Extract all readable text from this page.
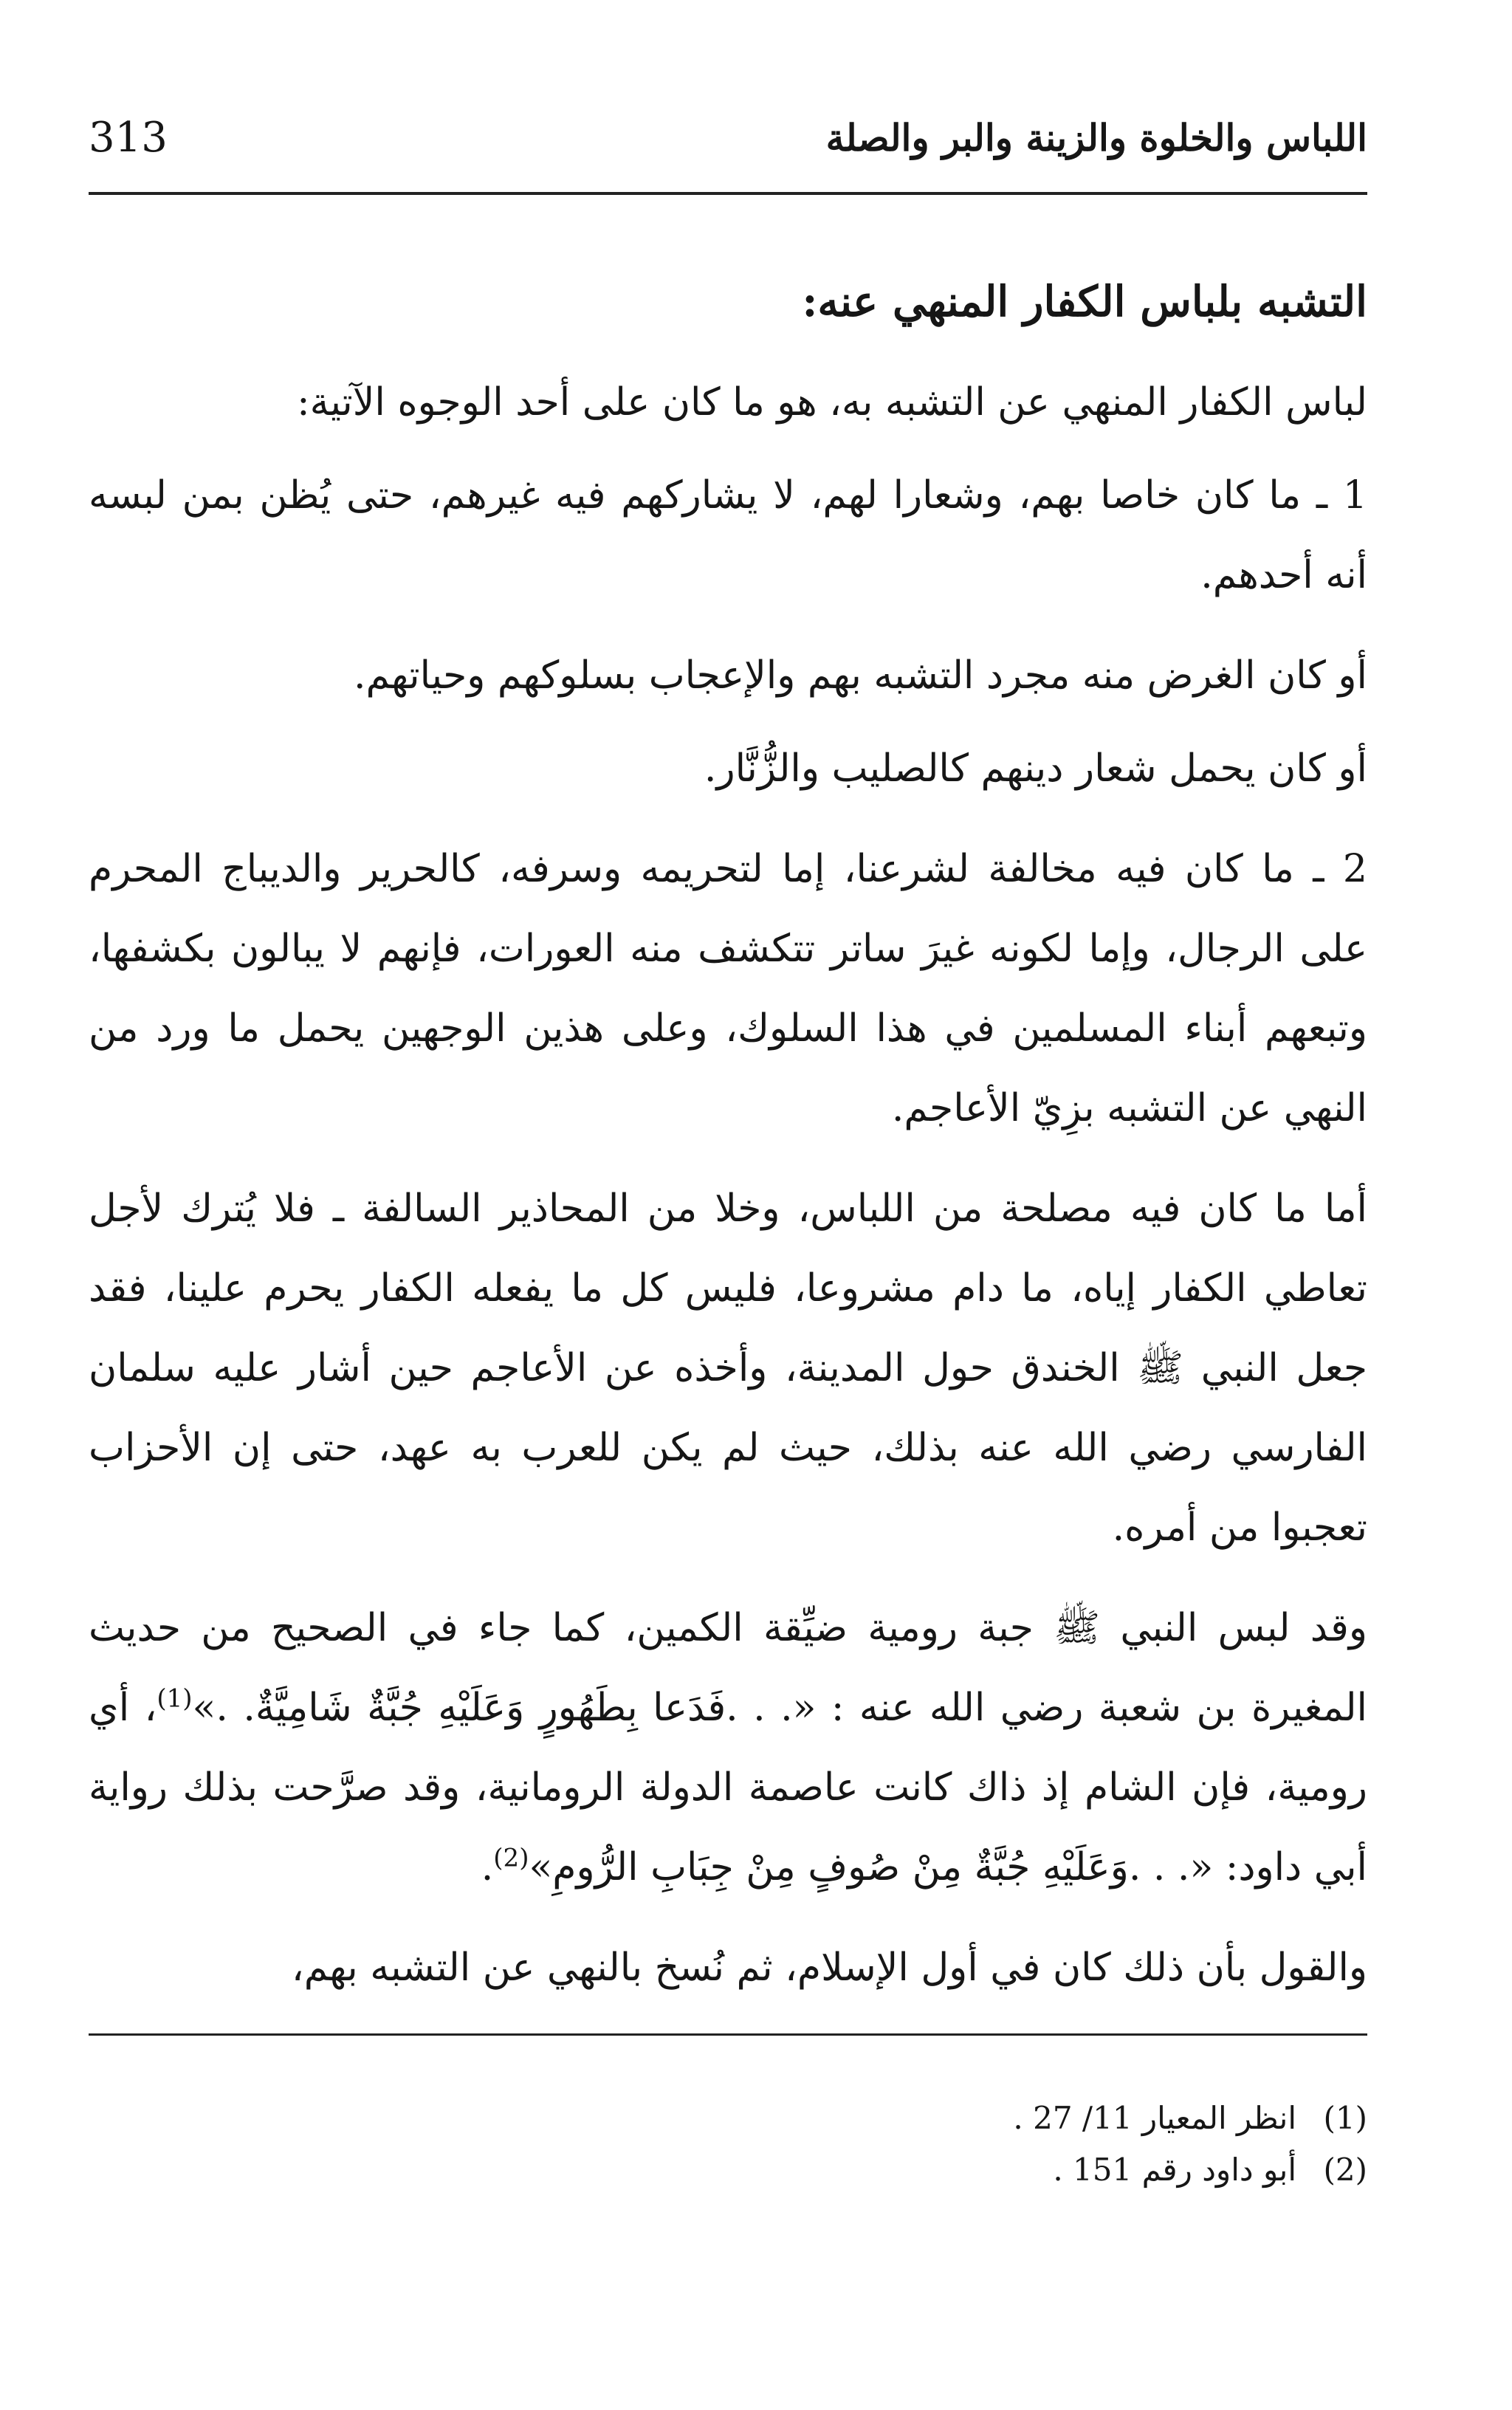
اللباس والخلوة والزينة والبر والصلة
313
التشبه بلباس الكفار المنهي عنه:

لباس الكفار المنهي عن التشبه به، هو ما كان على أحد الوجوه الآتية:

1 ـ ما كان خاصا بهم، وشعارا لهم، لا يشاركهم فيه غيرهم، حتى يُظن بمن لبسه أنه أحدهم.

أو كان الغرض منه مجرد التشبه بهم والإعجاب بسلوكهم وحياتهم.

أو كان يحمل شعار دينهم كالصليب والزُّنَّار.

2 ـ ما كان فيه مخالفة لشرعنا، إما لتحريمه وسرفه، كالحرير والديباج المحرم على الرجال، وإما لكونه غيرَ ساتر تتكشف منه العورات، فإنهم لا يبالون بكشفها، وتبعهم أبناء المسلمين في هذا السلوك، وعلى هذين الوجهين يحمل ما ورد من النهي عن التشبه بزِيّ الأعاجم.

أما ما كان فيه مصلحة من اللباس، وخلا من المحاذير السالفة ـ فلا يُترك لأجل تعاطي الكفار إياه، ما دام مشروعا، فليس كل ما يفعله الكفار يحرم علينا، فقد جعل النبي ﷺ الخندق حول المدينة، وأخذه عن الأعاجم حين أشار عليه سلمان الفارسي رضي الله عنه بذلك، حيث لم يكن للعرب به عهد، حتى إن الأحزاب تعجبوا من أمره.

وقد لبس النبي ﷺ جبة رومية ضيِّقة الكمين، كما جاء في الصحيح من حديث المغيرة بن شعبة رضي الله عنه : «. . .فَدَعا بِطَهُورٍ وَعَلَيْهِ جُبَّةٌ شَامِيَّةٌ. .»$^{(1)}$، أي رومية، فإن الشام إذ ذاك كانت عاصمة الدولة الرومانية، وقد صرَّحت بذلك رواية أبي داود: «. . .وَعَلَيْهِ جُبَّةٌ مِنْ صُوفٍ مِنْ جِبَابِ الرُّومِ»$^{(2)}$.

والقول بأن ذلك كان في أول الإسلام، ثم نُسخ بالنهي عن التشبه بهم،

(1)
انظر المعيار 11/ 27 .
(2)
أبو داود رقم 151 .
